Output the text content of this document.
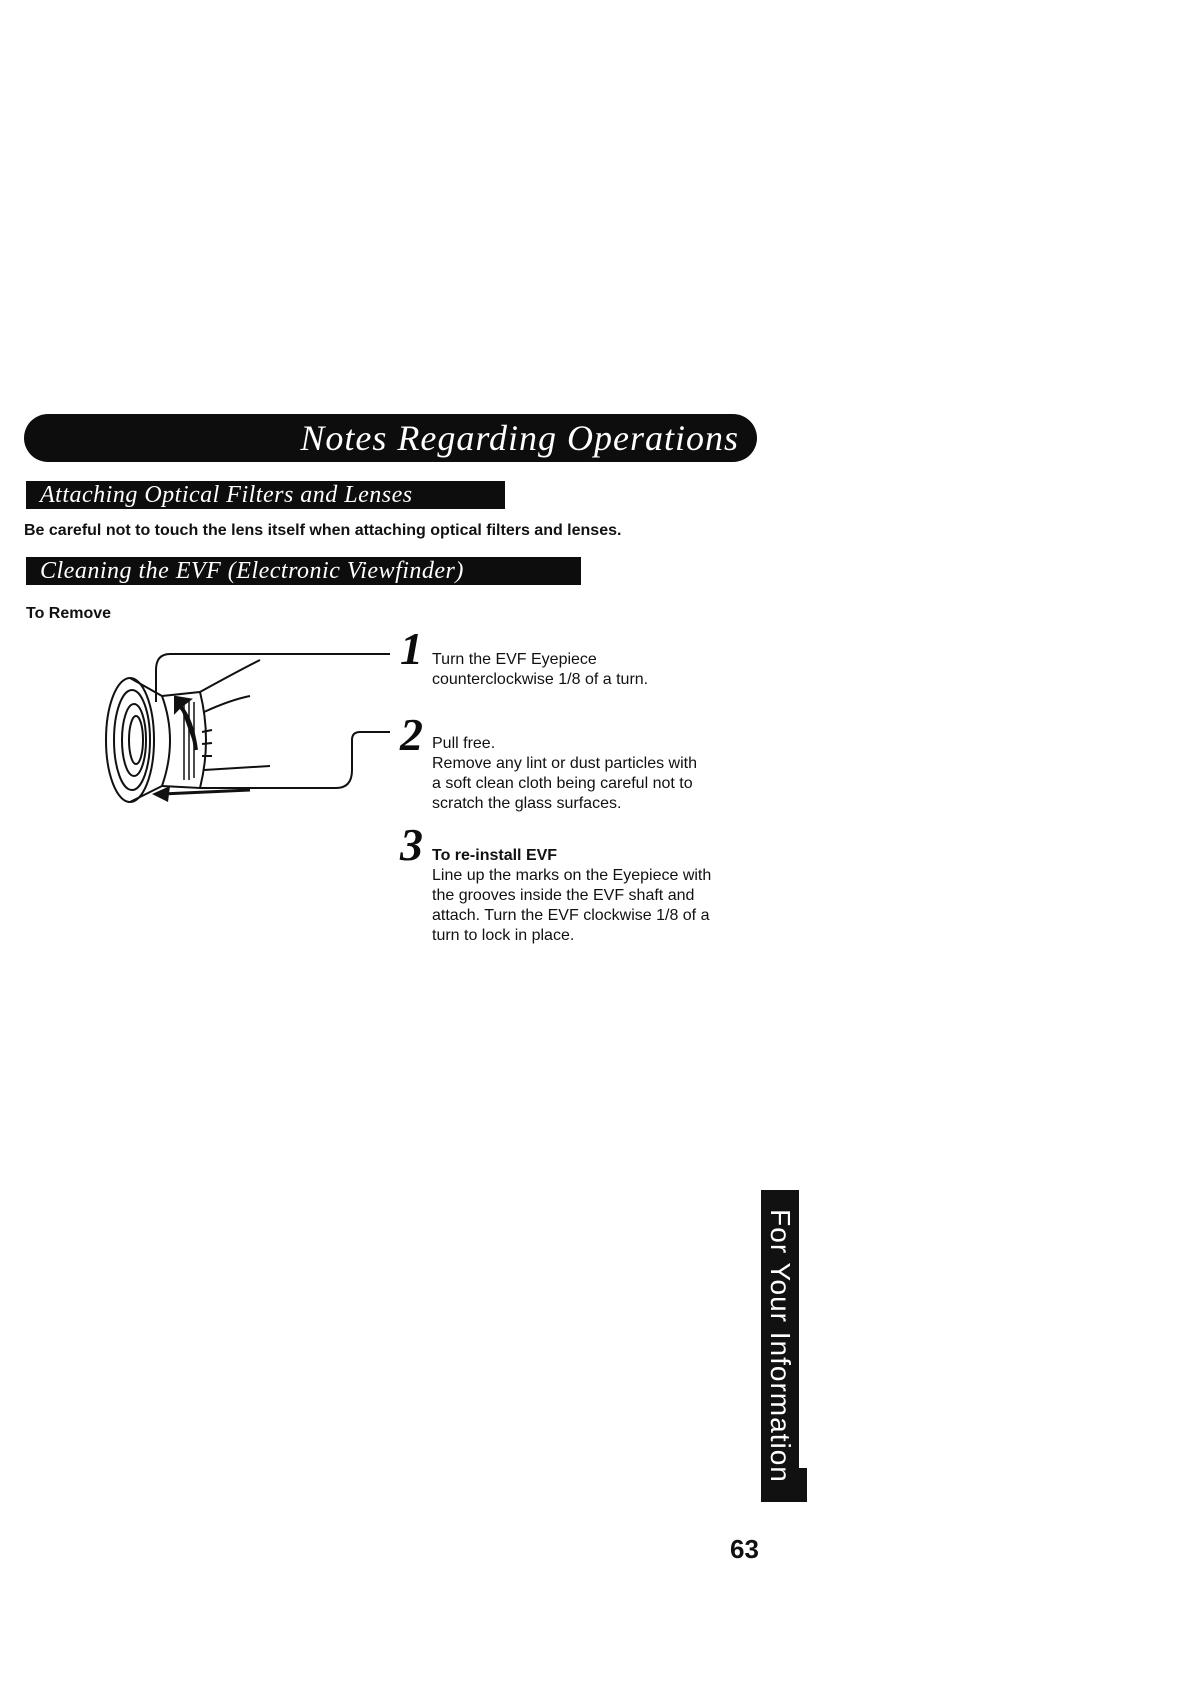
Notes Regarding Operations
Attaching Optical Filters and Lenses
Be careful not to touch the lens itself when attaching optical filters and lenses.
Cleaning the EVF (Electronic Viewfinder)
To Remove
1 Turn the EVF Eyepiece
counterclockwise 1/8 of a turn.
2 Pull free.
Remove any lint or dust particles with
a soft clean cloth being careful not to
scratch the glass surfaces.
3 To re-install EVF
Line up the marks on the Eyepiece with
the grooves inside the EVF shaft and
attach. Turn the EVF clockwise 1/8 of a
turn to lock in place.
For Your Information
63
